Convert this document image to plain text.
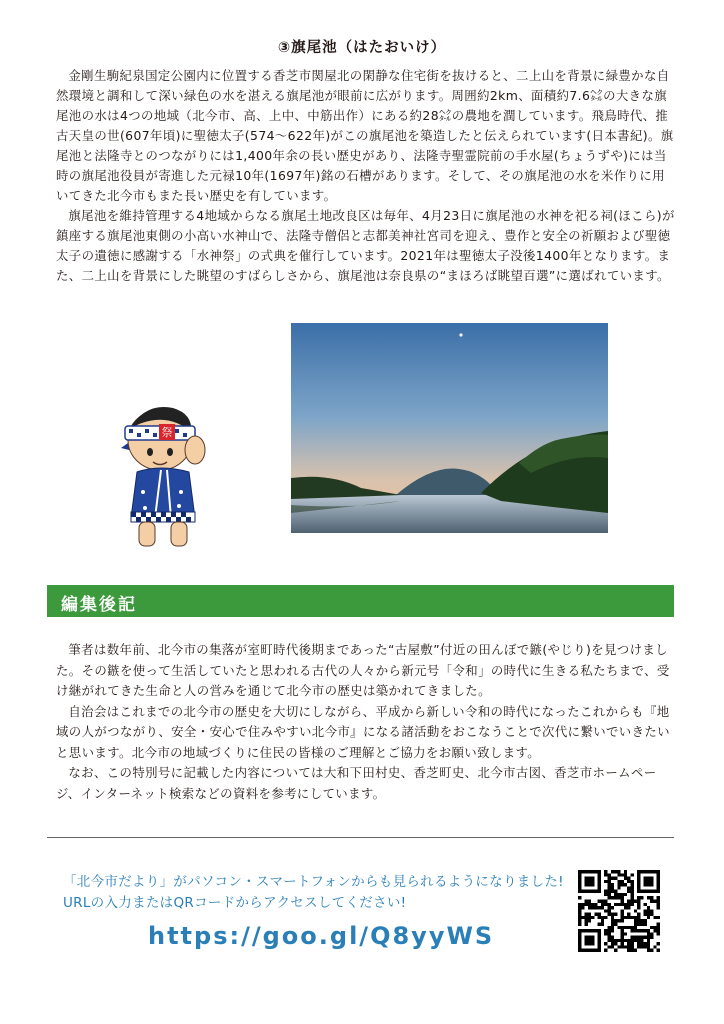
③旗尾池（はたおいけ）

金剛生駒紀泉国定公園内に位置する香芝市関屋北の閑静な住宅街を抜けると、二上山を背景に緑豊かな自然環境と調和して深い緑色の水を湛える旗尾池が眼前に広がります。周囲約2km、面積約7.6㌶の大きな旗尾池の水は4つの地域（北今市、高、上中、中筋出作）にある約28㌶の農地を潤しています。飛鳥時代、推古天皇の世(607年頃)に聖徳太子(574〜622年)がこの旗尾池を築造したと伝えられています(日本書紀)。旗尾池と法隆寺とのつながりには1,400年余の長い歴史があり、法隆寺聖霊院前の手水屋(ちょうずや)には当時の旗尾池役員が寄進した元禄10年(1697年)銘の石槽があります。そして、その旗尾池の水を米作りに用いてきた北今市もまた長い歴史を有しています。

旗尾池を維持管理する4地域からなる旗尾土地改良区は毎年、4月23日に旗尾池の水神を祀る祠(ほこら)が鎮座する旗尾池東側の小高い水神山で、法隆寺僧侶と志都美神社宮司を迎え、豊作と安全の祈願および聖徳太子の遺徳に感謝する「水神祭」の式典を催行しています。2021年は聖徳太子没後1400年となります。また、二上山を背景にした眺望のすばらしさから、旗尾池は奈良県の“まほろば眺望百選”に選ばれています。

祭
編集後記

筆者は数年前、北今市の集落が室町時代後期まであった“古屋敷”付近の田んぼで鏃(やじり)を見つけました。その鏃を使って生活していたと思われる古代の人々から新元号「令和」の時代に生きる私たちまで、受け継がれてきた生命と人の営みを通じて北今市の歴史は築かれてきました。

自治会はこれまでの北今市の歴史を大切にしながら、平成から新しい令和の時代になったこれからも『地域の人がつながり、安全・安心で住みやすい北今市』になる諸活動をおこなうことで次代に繋いでいきたいと思います。北今市の地域づくりに住民の皆様のご理解とご協力をお願い致します。

なお、この特別号に記載した内容については大和下田村史、香芝町史、北今市古図、香芝市ホームページ、インターネット検索などの資料を参考にしています。

「北今市だより」がパソコン・スマートフォンからも見られるようになりました!
URLの入力またはQRコードからアクセスしてください!
https://goo.gl/Q8yyWS
